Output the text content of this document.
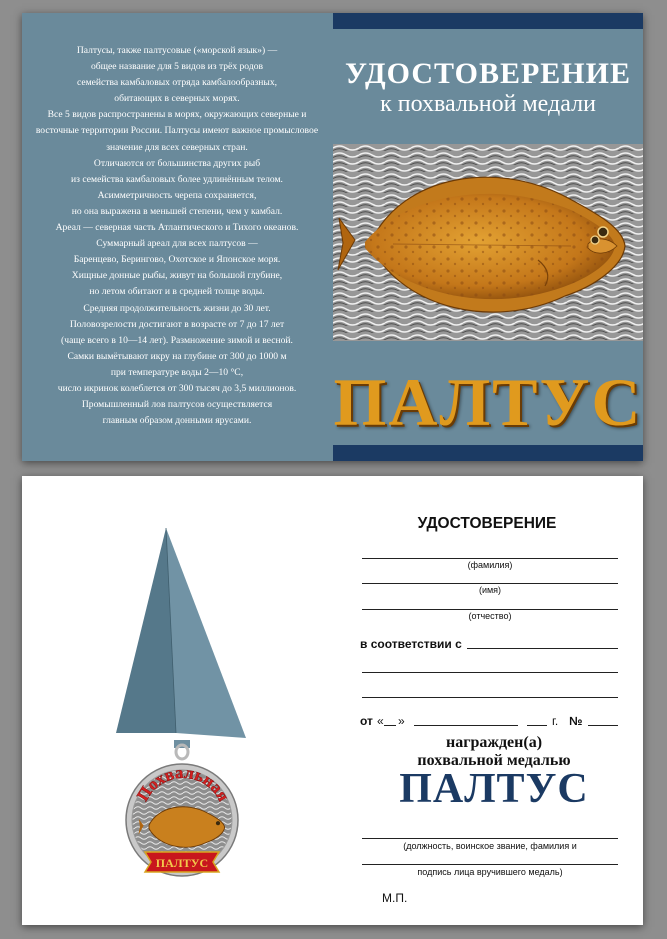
Палтусы, также палтусовые («морской язык») —
общее название для 5 видов из трёх родов
семейства камбаловых отряда камбалообразных,
обитающих в северных морях.
Все 5 видов распространены в морях, окружающих северные и
восточные территории России. Палтусы имеют важное промысловое
значение для всех северных стран.
Отличаются от большинства других рыб
из семейства камбаловых более удлинённым телом.
Асимметричность черепа сохраняется,
но она выражена в меньшей степени, чем у камбал.
Ареал — северная часть Атлантического и Тихого океанов.
Суммарный ареал для всех палтусов —
Баренцево, Берингово, Охотское и Японское моря.
Хищные донные рыбы, живут на большой глубине,
но летом обитают и в средней толще воды.
Средняя продолжительность жизни до 30 лет.
Половозрелости достигают в возрасте от 7 до 17 лет
(чаще всего в 10—14 лет). Размножение зимой и весной.
Самки вымётывают икру на глубине от 300 до 1000 м
при температуре воды 2—10 °С,
число икринок колеблется от 300 тысяч до 3,5 миллионов.
Промышленный лов палтусов осуществляется
главным образом донными ярусами.
УДОСТОВЕРЕНИЕ
к похвальной медали
ПАЛТУС
Похвальная
ПАЛТУС
УДОСТОВЕРЕНИЕ
(фамилия)
(имя)
(отчество)
в соответствии с
от « »	г. №
награжден(а)
похвальной медалью
ПАЛТУС
(должность, воинское звание, фамилия и
подпись лица вручившего медаль)
М.П.
